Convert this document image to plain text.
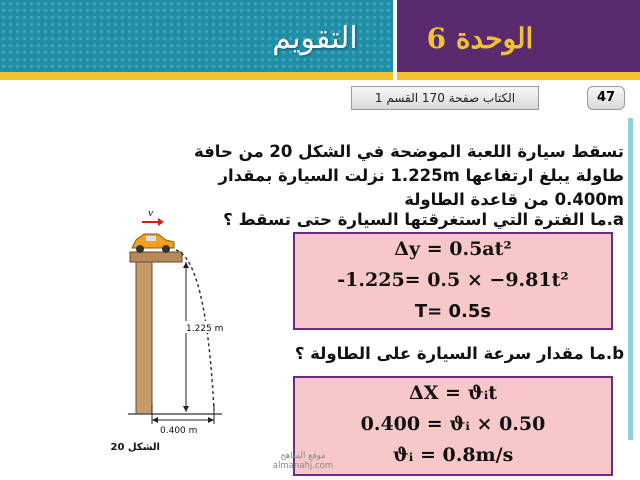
التقويم	الوحدة 6
الكتاب صفحة 170 القسم 1	47
تسقط سيارة اللعبة الموضحة في الشكل 20 من حافة طاولة يبلغ ارتفاعها 1.225m نزلت السيارة بمقدار 0.400m من قاعدة الطاولة
a.ما الفترة التي استغرقتها السيارة حتى تسقط ؟
Δy = 0.5at²
-1.225= 0.5 × −9.81t²
T= 0.5s
b.ما مقدار سرعة السيارة على الطاولة ؟
ΔX = ϑᵢt
0.400 = ϑᵢ × 0.50
ϑᵢ = 0.8m/s
v
1.225 m
0.400 m
الشكل 20
موقع المناهج almanahj.com
